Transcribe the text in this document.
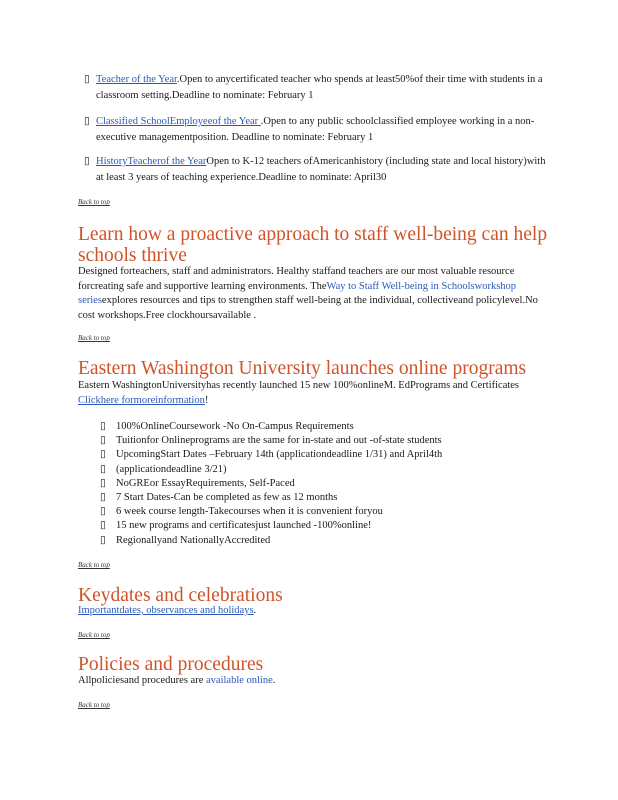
▯ Teacher of the Year.Open to anycertificated teacher who spends at least50%of their time with students in a classroom setting.Deadline to nominate: February 1
▯ Classified SchoolEmployeeof the Year .Open to any public schoolclassified employee working in a non-executive managementposition. Deadline to nominate: February 1
▯ HistoryTeacherof the YearOpen to K-12 teachers ofAmericanhistory (including state and local history)with at least 3 years of teaching experience.Deadline to nominate: April30
Back to top
Learn how a proactive approach to staff well-being can help schools thrive
Designed forteachers, staff and administrators. Healthy staffand teachers are our most valuable resource forcreating safe and supportive learning environments. TheWay to Staff Well-being in Schoolsworkshop seriesexplores resources and tips to strengthen staff well-being at the individual, collectiveand policylevel.No cost workshops.Free clockhoursavailable .
Back to top
Eastern Washington University launches online programs
Eastern WashingtonUniversityhas recently launched 15 new 100%onlineM. EdPrograms and Certificates Clickhere formoreinformation!
▯ 100%OnlineCoursework -No On-Campus Requirements
▯ Tuitionfor Onlineprograms are the same for in-state and out -of-state students
▯ UpcomingStart Dates –February 14th (applicationdeadline 1/31) and April4th
▯ (applicationdeadline 3/21)
▯ NoGREor EssayRequirements, Self-Paced
▯ 7 Start Dates-Can be completed as few as 12 months
▯ 6 week course length-Takecourses when it is convenient foryou
▯ 15 new programs and certificatesjust launched -100%online!
▯ Regionallyand NationallyAccredited
Back to top
Keydates and celebrations
Importantdates, observances and holidays.
Back to top
Policies and procedures
Allpoliciesand procedures are available online.
Back to top
